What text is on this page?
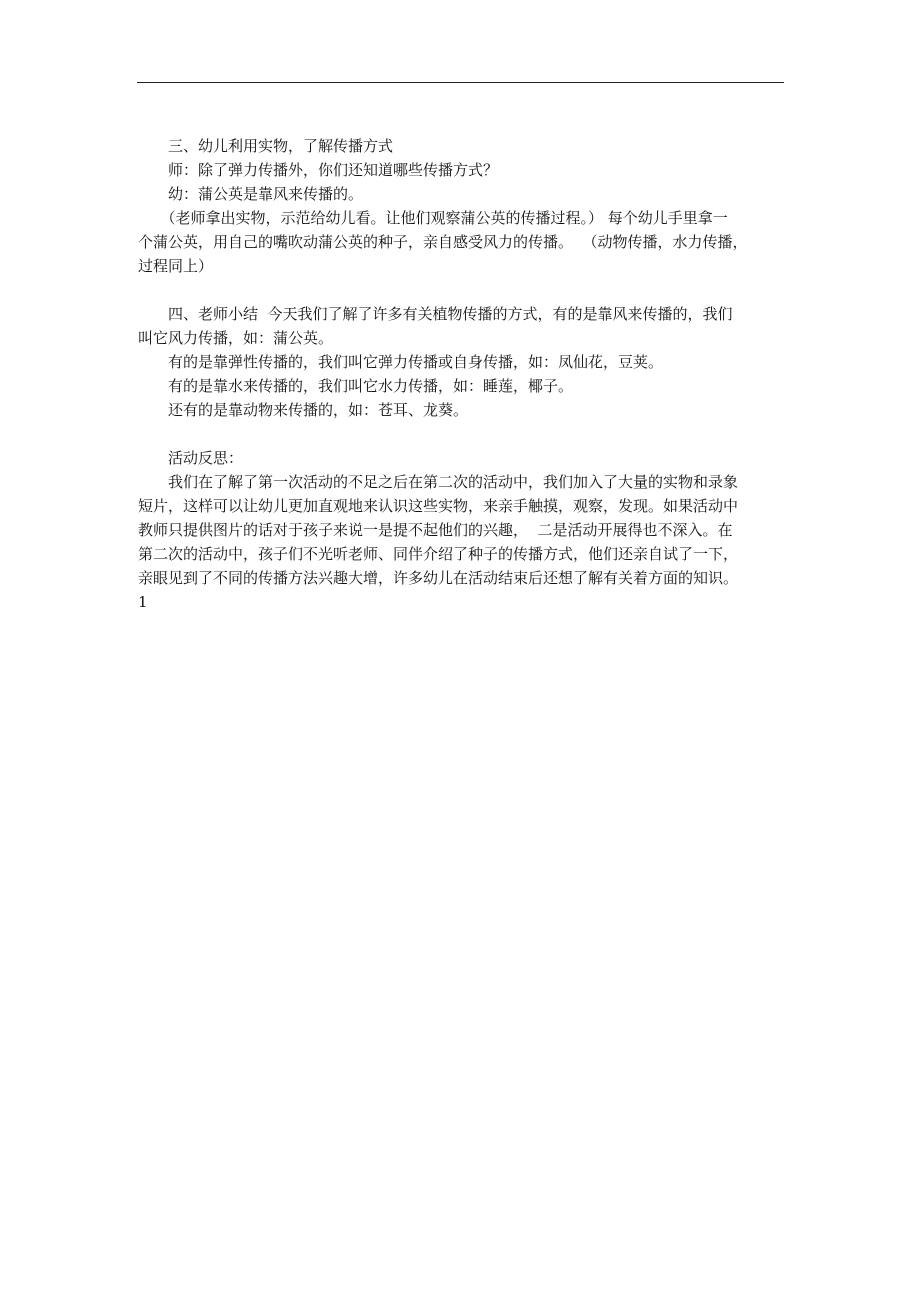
三、幼儿利用实物，了解传播方式

师：除了弹力传播外，你们还知道哪些传播方式？

幼：蒲公英是靠风来传播的。

（老师拿出实物，示范给幼儿看。让他们观察蒲公英的传播过程。） 每个幼儿手里拿一

个蒲公英，用自己的嘴吹动蒲公英的种子，亲自感受风力的传播。  （动物传播，水力传播，

过程同上）

四、老师小结  今天我们了解了许多有关植物传播的方式，有的是靠风来传播的，我们

叫它风力传播，如：蒲公英。

有的是靠弹性传播的，我们叫它弹力传播或自身传播，如：凤仙花，豆荚。

有的是靠水来传播的，我们叫它水力传播，如：睡莲，椰子。

还有的是靠动物来传播的，如：苍耳、龙葵。

活动反思：

我们在了解了第一次活动的不足之后在第二次的活动中，我们加入了大量的实物和录象

短片，这样可以让幼儿更加直观地来认识这些实物，来亲手触摸，观察，发现。如果活动中

教师只提供图片的话对于孩子来说一是提不起他们的兴趣，  二是活动开展得也不深入。在

第二次的活动中，孩子们不光听老师、同伴介绍了种子的传播方式，他们还亲自试了一下，

亲眼见到了不同的传播方法兴趣大增，许多幼儿在活动结束后还想了解有关着方面的知识。

1
